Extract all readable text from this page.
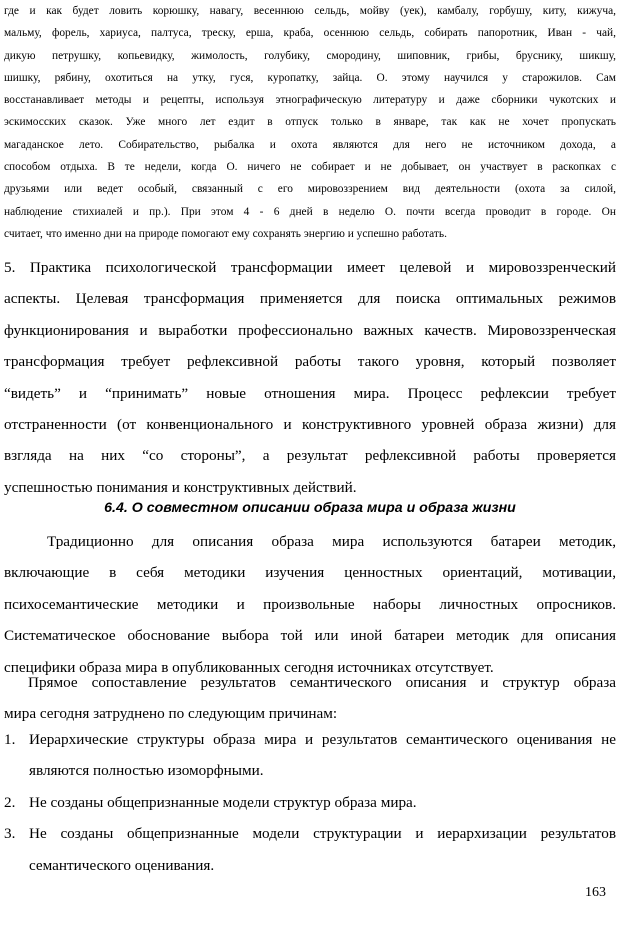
где и как будет ловить корюшку, навагу, весеннюю сельдь, мойву (уек), камбалу, горбушу, киту, кижуча,
мальму, форель, хариуса, палтуса, треску, ерша, краба, осеннюю сельдь, собирать папоротник, Иван - чай,
дикую петрушку, копьевидку, жимолость, голубику, смородину, шиповник, грибы, бруснику, шикшу,
шишку, рябину, охотиться на утку, гуся, куропатку, зайца. О. этому научился у старожилов. Сам
восстанавливает методы и рецепты, используя этнографическую литературу и даже сборники чукотских и
эскимосских сказок. Уже много лет ездит в отпуск только в январе, так как не хочет пропускать
магаданское лето. Собирательство, рыбалка и охота являются для него не источником дохода, а
способом отдыха. В те недели, когда О. ничего не собирает и не добывает, он участвует в раскопках с
друзьями или ведет особый, связанный с его мировоззрением вид деятельности (охота за силой,
наблюдение стихиалей и пр.). При этом 4 - 6 дней в неделю О. почти всегда проводит в городе. Он
считает, что именно дни на природе помогают ему сохранять энергию и успешно работать.
5. Практика психологической трансформации имеет целевой и мировоззренческий
аспекты. Целевая трансформация применяется для поиска оптимальных режимов
функционирования и выработки профессионально важных качеств. Мировоззренческая
трансформация требует рефлексивной работы такого уровня, который позволяет
“видеть” и “принимать” новые отношения мира. Процесс рефлексии требует
отстраненности (от конвенционального и конструктивного уровней образа жизни) для
взгляда на них “со стороны”, а результат рефлексивной работы проверяется
успешностью понимания и конструктивных действий.
6.4. О совместном описании образа мира и образа жизни
Традиционно для описания образа мира используются батареи методик,
включающие в себя методики изучения ценностных ориентаций, мотивации,
психосемантические методики и произвольные наборы личностных опросников.
Систематическое обоснование выбора той или иной батареи методик для описания
специфики образа мира в опубликованных сегодня источниках отсутствует.
Прямое сопоставление результатов семантического описания и структур образа
мира сегодня затруднено по следующим причинам:
1. Иерархические структуры образа мира и результатов семантического оценивания не
являются полностью изоморфными.
2. Не созданы общепризнанные модели структур образа мира.
3. Не созданы общепризнанные модели структурации и иерархизации результатов
семантического оценивания.
163
